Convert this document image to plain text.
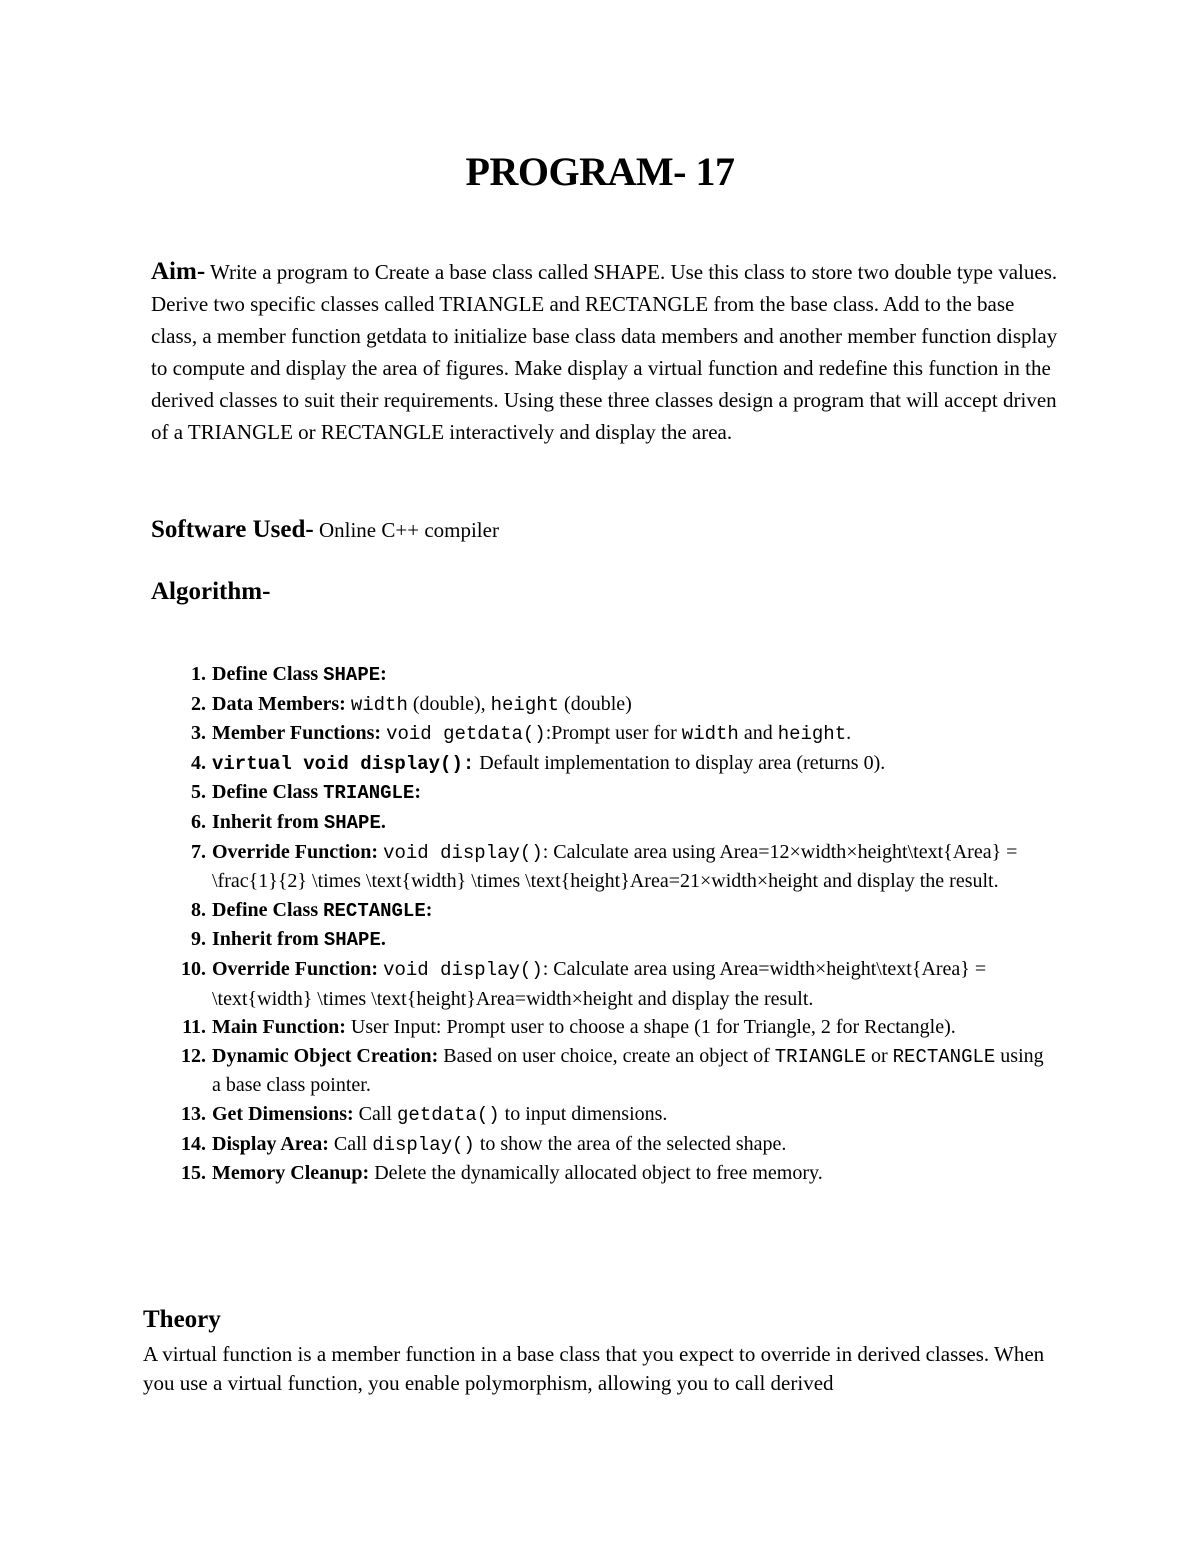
PROGRAM- 17
Aim- Write a program to Create a base class called SHAPE. Use this class to store two double type values. Derive two specific classes called TRIANGLE and RECTANGLE from the base class. Add to the base class, a member function getdata to initialize base class data members and another member function display to compute and display the area of figures. Make display a virtual function and redefine this function in the derived classes to suit their requirements. Using these three classes design a program that will accept driven of a TRIANGLE or RECTANGLE interactively and display the area.
Software Used- Online C++ compiler
Algorithm-
1. Define Class SHAPE:
2. Data Members: width (double), height (double)
3. Member Functions: void getdata():Prompt user for width and height.
4. virtual void display(): Default implementation to display area (returns 0).
5. Define Class TRIANGLE:
6. Inherit from SHAPE.
7. Override Function: void display(): Calculate area using Area=12×width×height\text{Area} = \frac{1}{2} \times \text{width} \times \text{height}Area=21×width×height and display the result.
8. Define Class RECTANGLE:
9. Inherit from SHAPE.
10. Override Function: void display(): Calculate area using Area=width×height\text{Area} = \text{width} \times \text{height}Area=width×height and display the result.
11. Main Function: User Input: Prompt user to choose a shape (1 for Triangle, 2 for Rectangle).
12. Dynamic Object Creation: Based on user choice, create an object of TRIANGLE or RECTANGLE using a base class pointer.
13. Get Dimensions: Call getdata() to input dimensions.
14. Display Area: Call display() to show the area of the selected shape.
15. Memory Cleanup: Delete the dynamically allocated object to free memory.
Theory
A virtual function is a member function in a base class that you expect to override in derived classes. When you use a virtual function, you enable polymorphism, allowing you to call derived
